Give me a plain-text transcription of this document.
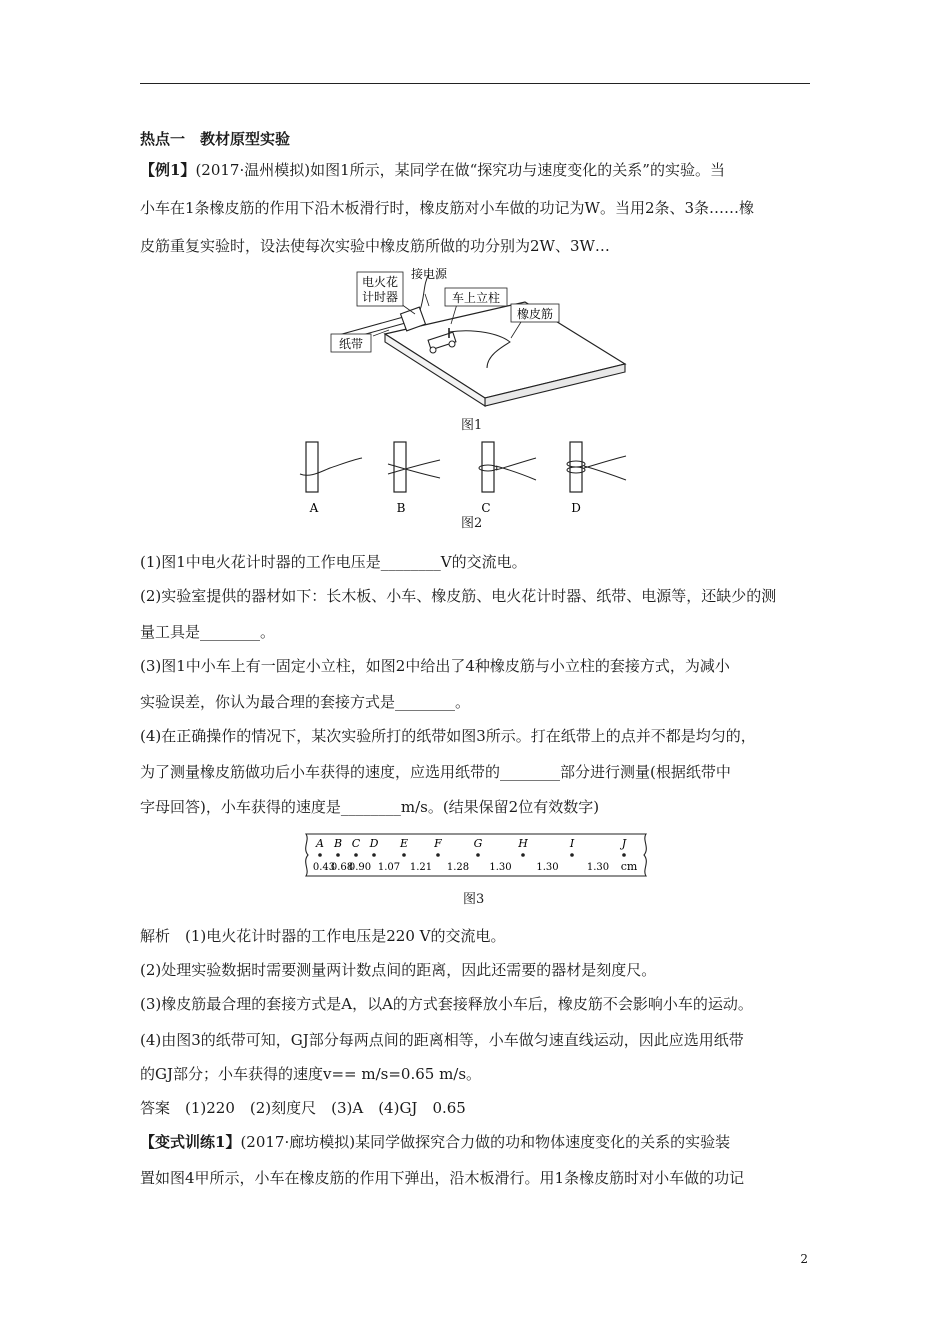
热点一　教材原型实验
【例1】(2017·温州模拟)如图1所示，某同学在做“探究功与速度变化的关系”的实验。当
小车在1条橡皮筋的作用下沿木板滑行时，橡皮筋对小车做的功记为W。当用2条、3条……橡
皮筋重复实验时，设法使每次实验中橡皮筋所做的功分别为2W、3W…
电火花
计时器
接电源
车上立柱
橡皮筋
纸带
图1
A	B	C	D
图2
(1)图1中电火花计时器的工作电压是________V的交流电。
(2)实验室提供的器材如下：长木板、小车、橡皮筋、电火花计时器、纸带、电源等，还缺少的测
量工具是________。
(3)图1中小车上有一固定小立柱，如图2中给出了4种橡皮筋与小立柱的套接方式，为减小
实验误差，你认为最合理的套接方式是________。
(4)在正确操作的情况下，某次实验所打的纸带如图3所示。打在纸带上的点并不都是均匀的，
为了测量橡皮筋做功后小车获得的速度，应选用纸带的________部分进行测量(根据纸带中
字母回答)，小车获得的速度是________m/s。(结果保留2位有效数字)
A B C D E F	G	H	I	J
0.43
0.68
0.90 1.07 1.21 1.28 1.30 1.30	1.30 cm
图3
解析　(1)电火花计时器的工作电压是220 V的交流电。
(2)处理实验数据时需要测量两计数点间的距离，因此还需要的器材是刻度尺。
(3)橡皮筋最合理的套接方式是A，以A的方式套接释放小车后，橡皮筋不会影响小车的运动。
(4)由图3的纸带可知，GJ部分每两点间的距离相等，小车做匀速直线运动，因此应选用纸带
的GJ部分；小车获得的速度v== m/s=0.65 m/s。
答案　(1)220　(2)刻度尺　(3)A　(4)GJ　0.65
【变式训练1】(2017·廊坊模拟)某同学做探究合力做的功和物体速度变化的关系的实验装
置如图4甲所示，小车在橡皮筋的作用下弹出，沿木板滑行。用1条橡皮筋时对小车做的功记
2
